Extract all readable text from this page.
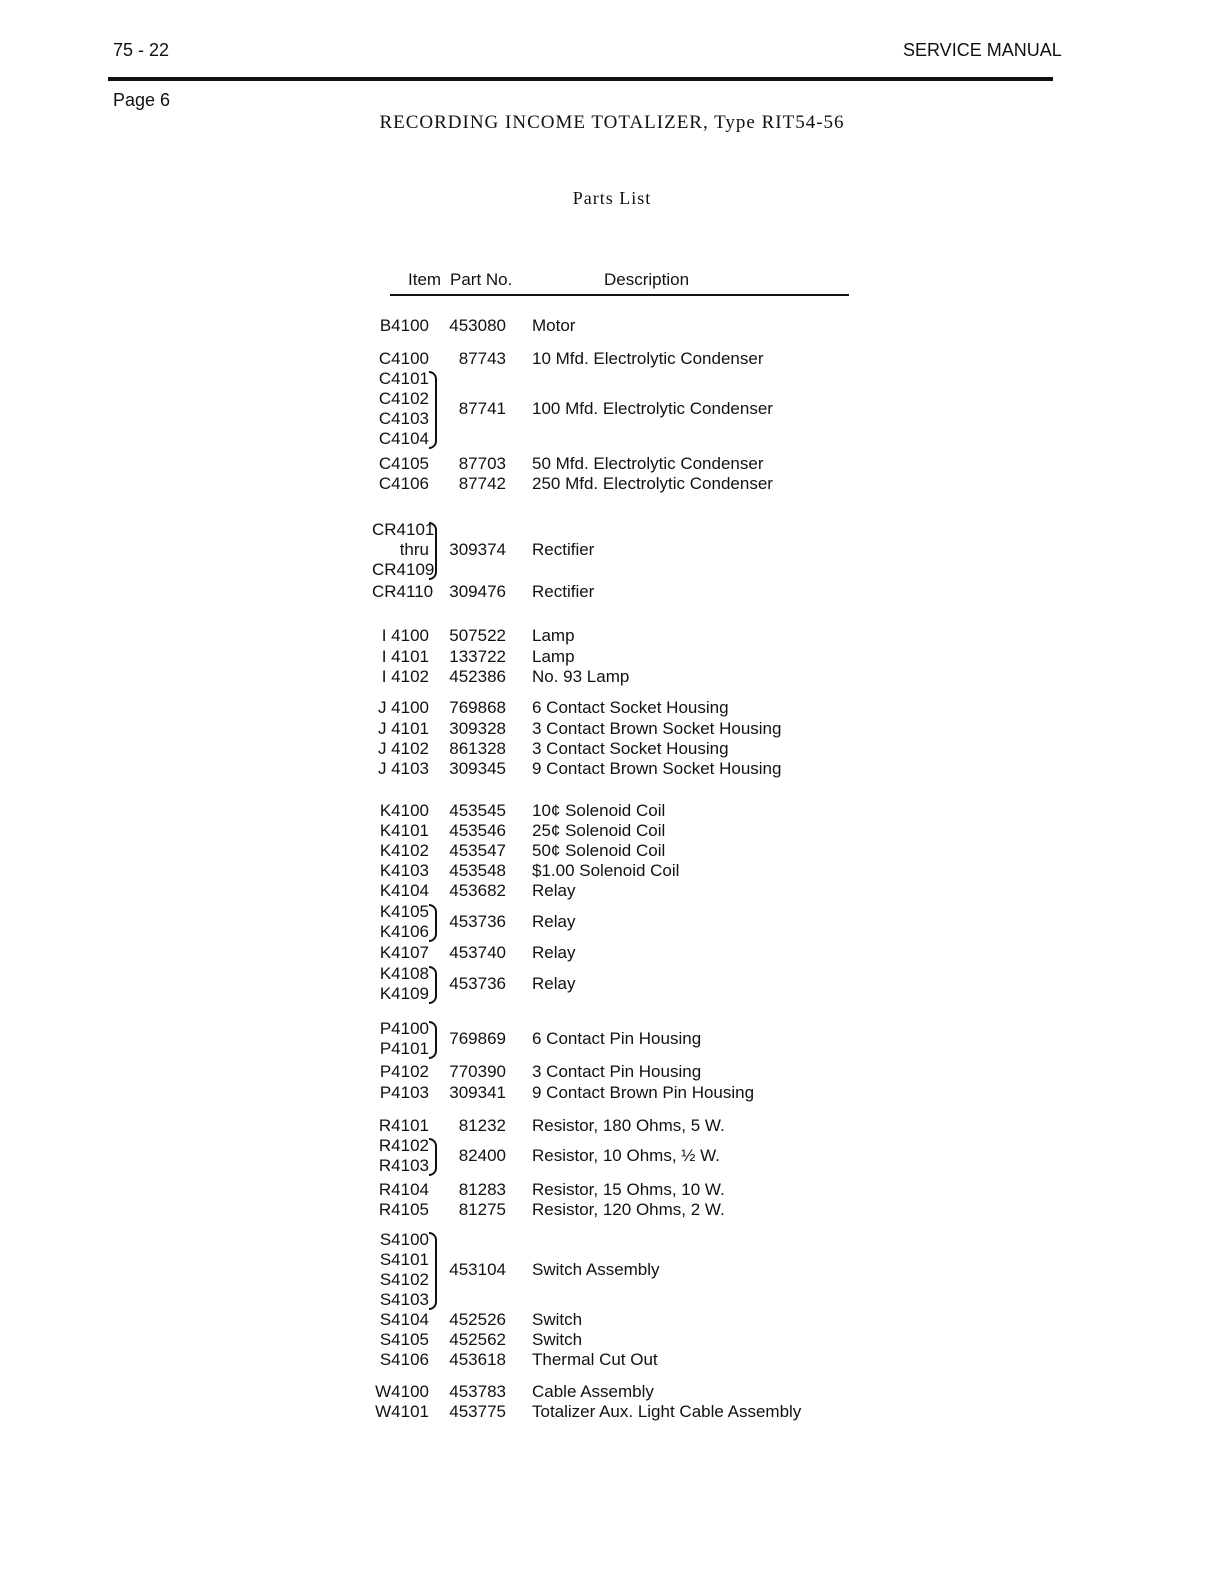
75 - 22	SERVICE MANUAL
Page 6
RECORDING INCOME TOTALIZER, Type RIT54-56
Parts List
Item Part No.	Description
B4100	453080 Motor
C4100	87743 10 Mfd. Electrolytic Condenser
C4101
C4102
C4103
C4104
87741 100 Mfd. Electrolytic Condenser
C4105	87703 50 Mfd. Electrolytic Condenser
C4106	87742 250 Mfd. Electrolytic Condenser
CR4101
thru
CR4109
309374 Rectifier
CR4110 309476 Rectifier
I 4100	507522 Lamp
I 4101	133722 Lamp
I 4102	452386 No. 93 Lamp
J 4100	769868 6 Contact Socket Housing
J 4101	309328 3 Contact Brown Socket Housing
J 4102	861328 3 Contact Socket Housing
J 4103	309345 9 Contact Brown Socket Housing
K4100	453545 10¢ Solenoid Coil
K4101	453546 25¢ Solenoid Coil
K4102	453547 50¢ Solenoid Coil
K4103	453548 $1.00 Solenoid Coil
K4104	453682 Relay
K4105
K4106
453736 Relay
K4107	453740 Relay
K4108
K4109
453736 Relay
P4100
P4101
769869 6 Contact Pin Housing
P4102	770390 3 Contact Pin Housing
P4103	309341 9 Contact Brown Pin Housing
R4101	81232 Resistor, 180 Ohms, 5 W.
R4102
R4103
82400 Resistor, 10 Ohms, ½ W.
R4104	81283 Resistor, 15 Ohms, 10 W.
R4105	81275 Resistor, 120 Ohms, 2 W.
S4100
S4101
S4102
S4103
453104 Switch Assembly
S4104	452526 Switch
S4105	452562 Switch
S4106	453618 Thermal Cut Out
W4100	453783 Cable Assembly
W4101	453775 Totalizer Aux. Light Cable Assembly
